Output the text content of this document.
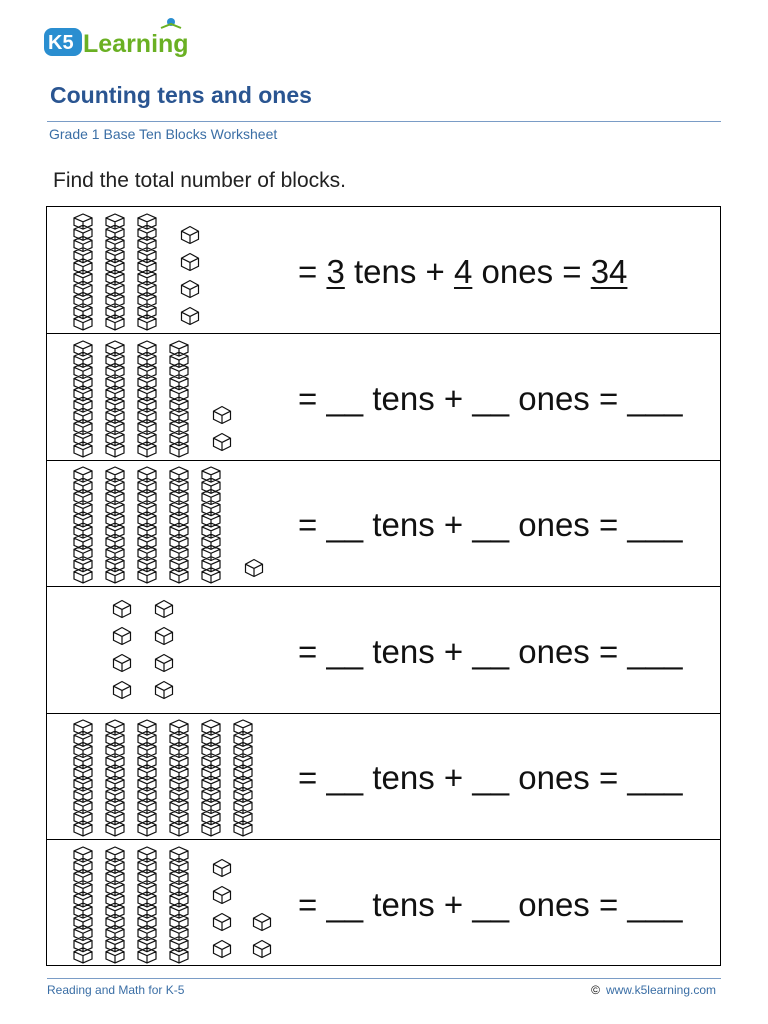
K5 Learning
Counting tens and ones
Grade 1 Base Ten Blocks Worksheet
Find the total number of blocks.
= 3 tens + 4 ones = 34
= __ tens + __ ones = ___
= __ tens + __ ones = ___
= __ tens + __ ones = ___
= __ tens + __ ones = ___
= __ tens + __ ones = ___
Reading and Math for K-5	© www.k5learning.com
